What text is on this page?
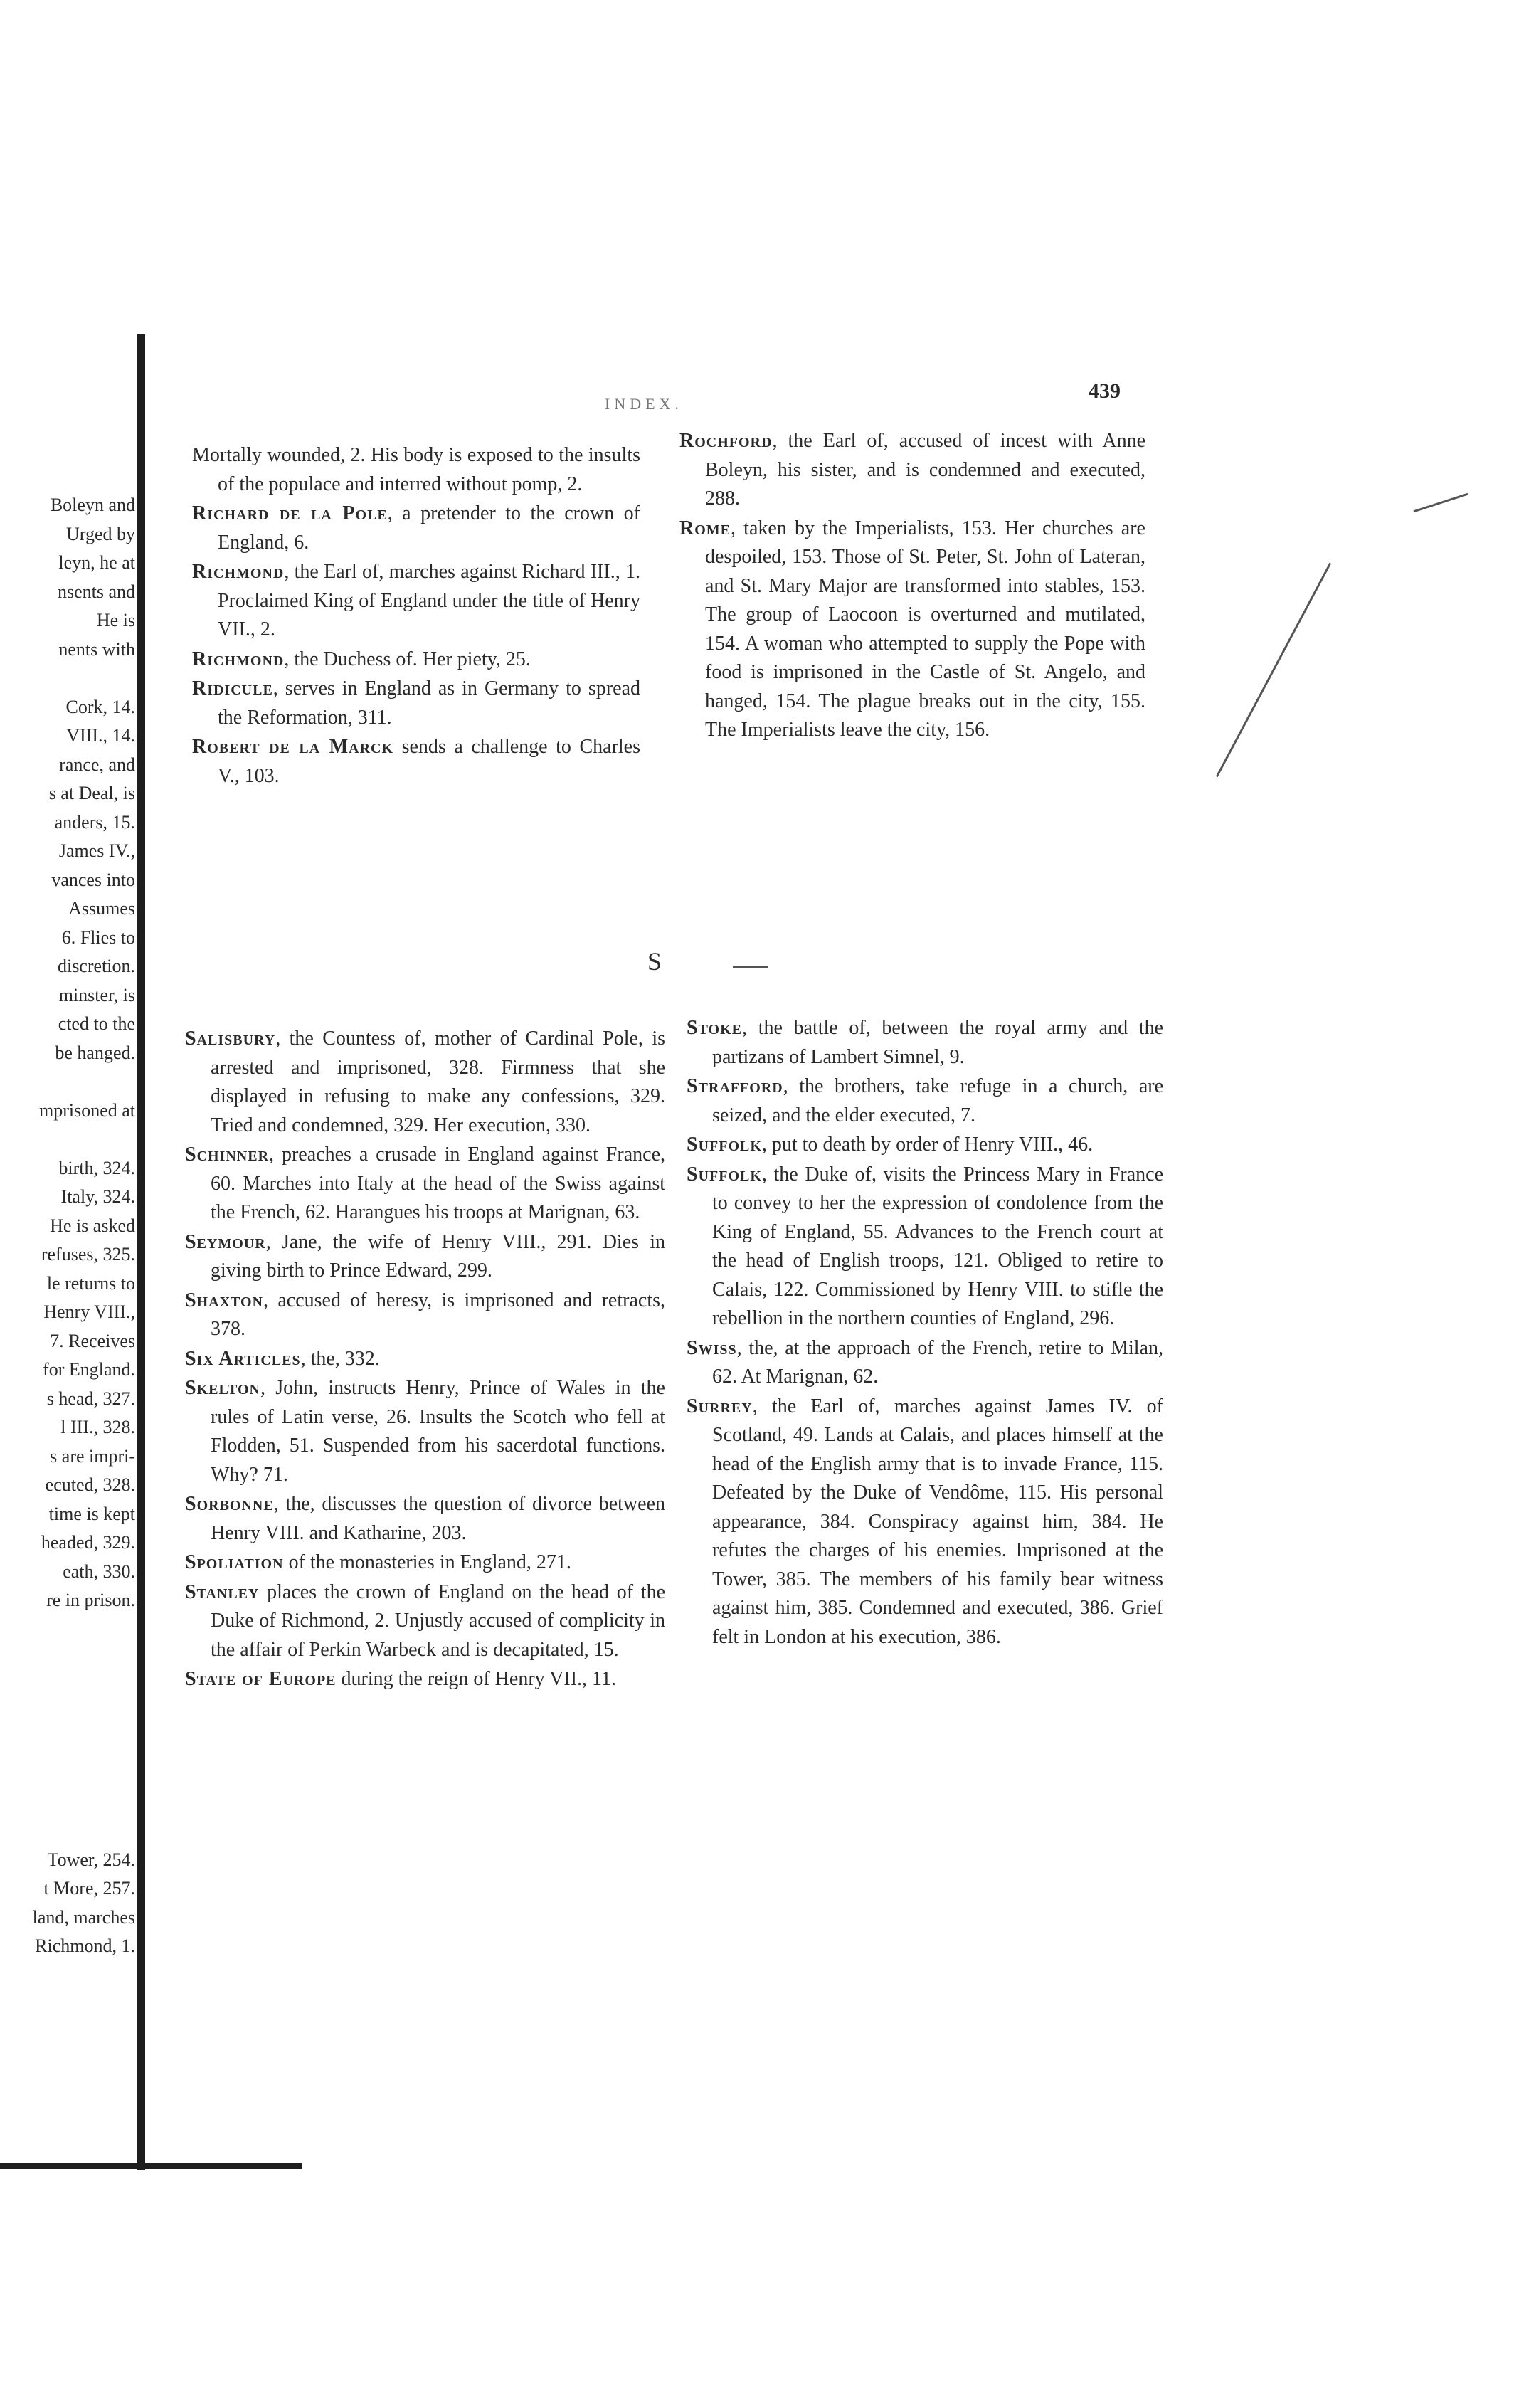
Boleyn and
Urged by
leyn, he at
nsents and
He is
nents with

Cork, 14.
VIII., 14.
rance, and
s at Deal, is
anders, 15.
James IV.,
vances into
Assumes
6. Flies to
discretion.
minster, is
cted to the
be hanged.

mprisoned at

birth, 324.
Italy, 324.
He is asked
refuses, 325.
le returns to
Henry VIII.,
7. Receives
for England.
s head, 327.
l III., 328.
s are impri-
ecuted, 328.
time is kept
headed, 329.
eath, 330.
re in prison.

Tower, 254.
t More, 257.
land, marches
Richmond, 1.
INDEX.
439

Mortally wounded, 2. His body is exposed to the insults of the populace and interred without pomp, 2.

Richard de la Pole, a pretender to the crown of England, 6.

Richmond, the Earl of, marches against Richard III., 1. Proclaimed King of England under the title of Henry VII., 2.

Richmond, the Duchess of. Her piety, 25.

Ridicule, serves in England as in Germany to spread the Reformation, 311.

Robert de la Marck sends a challenge to Charles V., 103.

Rochford, the Earl of, accused of incest with Anne Boleyn, his sister, and is condemned and executed, 288.

Rome, taken by the Imperialists, 153. Her churches are despoiled, 153. Those of St. Peter, St. John of Lateran, and St. Mary Major are transformed into stables, 153. The group of Laocoon is overturned and mutilated, 154. A woman who attempted to supply the Pope with food is imprisoned in the Castle of St. Angelo, and hanged, 154. The plague breaks out in the city, 155. The Imperialists leave the city, 156.

S

Salisbury, the Countess of, mother of Cardinal Pole, is arrested and imprisoned, 328. Firmness that she displayed in refusing to make any confessions, 329. Tried and condemned, 329. Her execution, 330.

Schinner, preaches a crusade in England against France, 60. Marches into Italy at the head of the Swiss against the French, 62. Harangues his troops at Marignan, 63.

Seymour, Jane, the wife of Henry VIII., 291. Dies in giving birth to Prince Edward, 299.

Shaxton, accused of heresy, is imprisoned and retracts, 378.

Six Articles, the, 332.

Skelton, John, instructs Henry, Prince of Wales in the rules of Latin verse, 26. Insults the Scotch who fell at Flodden, 51. Suspended from his sacerdotal functions. Why? 71.

Sorbonne, the, discusses the question of divorce between Henry VIII. and Katharine, 203.

Spoliation of the monasteries in England, 271.

Stanley places the crown of England on the head of the Duke of Richmond, 2. Unjustly accused of complicity in the affair of Perkin Warbeck and is decapitated, 15.

State of Europe during the reign of Henry VII., 11.

Stoke, the battle of, between the royal army and the partizans of Lambert Simnel, 9.

Strafford, the brothers, take refuge in a church, are seized, and the elder executed, 7.

Suffolk, put to death by order of Henry VIII., 46.

Suffolk, the Duke of, visits the Princess Mary in France to convey to her the expression of condolence from the King of England, 55. Advances to the French court at the head of English troops, 121. Obliged to retire to Calais, 122. Commissioned by Henry VIII. to stifle the rebellion in the northern counties of England, 296.

Swiss, the, at the approach of the French, retire to Milan, 62. At Marignan, 62.

Surrey, the Earl of, marches against James IV. of Scotland, 49. Lands at Calais, and places himself at the head of the English army that is to invade France, 115. Defeated by the Duke of Vendôme, 115. His personal appearance, 384. Conspiracy against him, 384. He refutes the charges of his enemies. Imprisoned at the Tower, 385. The members of his family bear witness against him, 385. Condemned and executed, 386. Grief felt in London at his execution, 386.
